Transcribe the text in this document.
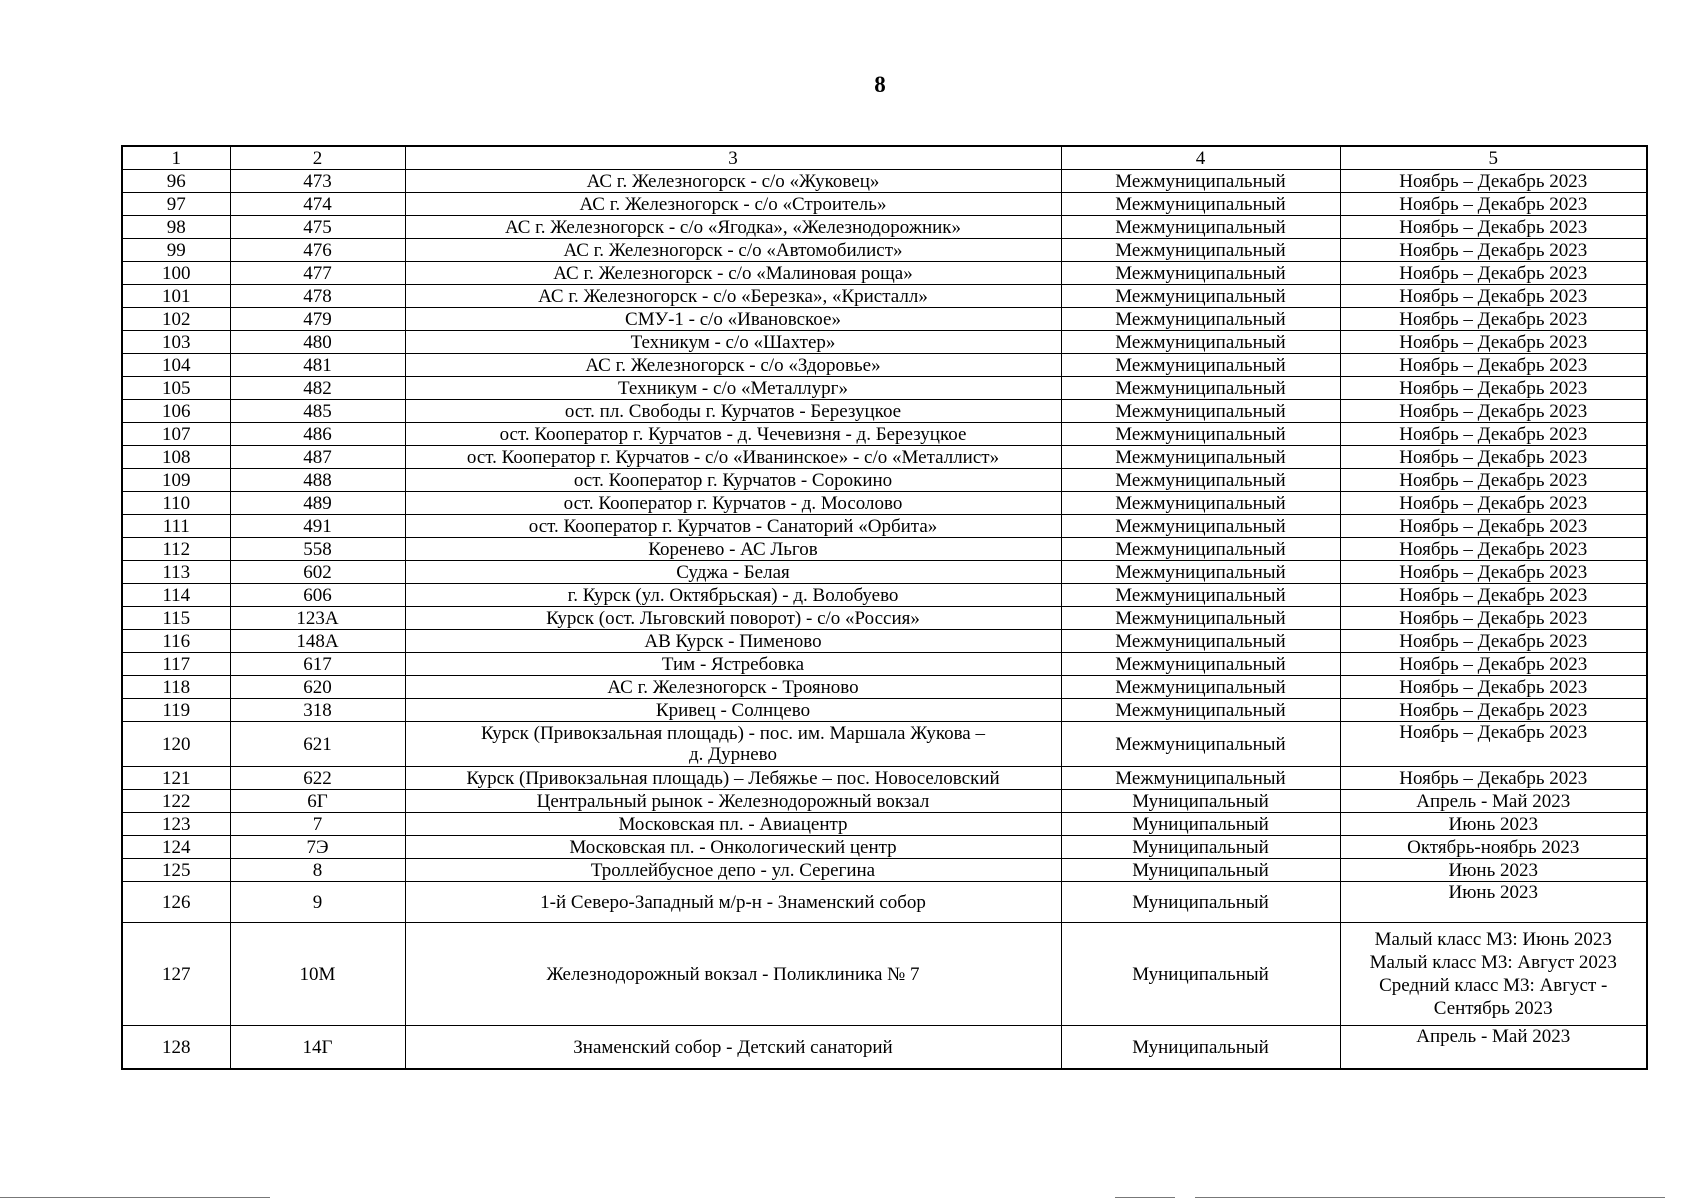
8
1	2	3	4	5
96	473	АС г. Железногорск - с/о «Жуковец»	Межмуниципальный	Ноябрь – Декабрь 2023
97	474	АС г. Железногорск - с/о «Строитель»	Межмуниципальный	Ноябрь – Декабрь 2023
98	475	АС г. Железногорск - с/о «Ягодка», «Железнодорожник»	Межмуниципальный	Ноябрь – Декабрь 2023
99	476	АС г. Железногорск - с/о «Автомобилист»	Межмуниципальный	Ноябрь – Декабрь 2023
100	477	АС г. Железногорск - с/о «Малиновая роща»	Межмуниципальный	Ноябрь – Декабрь 2023
101	478	АС г. Железногорск - с/о «Березка», «Кристалл»	Межмуниципальный	Ноябрь – Декабрь 2023
102	479	СМУ-1 - с/о «Ивановское»	Межмуниципальный	Ноябрь – Декабрь 2023
103	480	Техникум - с/о «Шахтер»	Межмуниципальный	Ноябрь – Декабрь 2023
104	481	АС г. Железногорск - с/о «Здоровье»	Межмуниципальный	Ноябрь – Декабрь 2023
105	482	Техникум - с/о «Металлург»	Межмуниципальный	Ноябрь – Декабрь 2023
106	485	ост. пл. Свободы г. Курчатов - Березуцкое	Межмуниципальный	Ноябрь – Декабрь 2023
107	486	ост. Кооператор г. Курчатов - д. Чечевизня - д. Березуцкое	Межмуниципальный	Ноябрь – Декабрь 2023
108	487	ост. Кооператор г. Курчатов - с/о «Иванинское» - с/о «Металлист»	Межмуниципальный	Ноябрь – Декабрь 2023
109	488	ост. Кооператор г. Курчатов - Сорокино	Межмуниципальный	Ноябрь – Декабрь 2023
110	489	ост. Кооператор г. Курчатов - д. Мосолово	Межмуниципальный	Ноябрь – Декабрь 2023
111	491	ост. Кооператор г. Курчатов - Санаторий «Орбита»	Межмуниципальный	Ноябрь – Декабрь 2023
112	558	Коренево - АС Льгов	Межмуниципальный	Ноябрь – Декабрь 2023
113	602	Суджа - Белая	Межмуниципальный	Ноябрь – Декабрь 2023
114	606	г. Курск (ул. Октябрьская) - д. Волобуево	Межмуниципальный	Ноябрь – Декабрь 2023
115	123А	Курск (ост. Льговский поворот) - с/о «Россия»	Межмуниципальный	Ноябрь – Декабрь 2023
116	148А	АВ Курск - Пименово	Межмуниципальный	Ноябрь – Декабрь 2023
117	617	Тим - Ястребовка	Межмуниципальный	Ноябрь – Декабрь 2023
118	620	АС г. Железногорск - Трояново	Межмуниципальный	Ноябрь – Декабрь 2023
119	318	Кривец - Солнцево	Межмуниципальный	Ноябрь – Декабрь 2023
120	621	Курск (Привокзальная площадь) - пос. им. Маршала Жукова –
д. Дурнево	Межмуниципальный	Ноябрь – Декабрь 2023
121	622	Курск (Привокзальная площадь) – Лебяжье – пос. Новоселовский	Межмуниципальный	Ноябрь – Декабрь 2023
122	6Г	Центральный рынок - Железнодорожный вокзал	Муниципальный	Апрель - Май 2023
123	7	Московская пл. - Авиацентр	Муниципальный	Июнь 2023
124	7Э	Московская пл. - Онкологический центр	Муниципальный	Октябрь-ноябрь 2023
125	8	Троллейбусное депо - ул. Серегина	Муниципальный	Июнь 2023
126	9	1-й Северо-Западный м/р-н - Знаменский собор	Муниципальный	Июнь 2023
127	10М	Железнодорожный вокзал - Поликлиника № 7	Муниципальный	Малый класс М3: Июнь 2023
Малый класс М3: Август 2023
Средний класс М3: Август -
Сентябрь 2023

128	14Г	Знаменский собор - Детский санаторий	Муниципальный	Апрель - Май 2023
